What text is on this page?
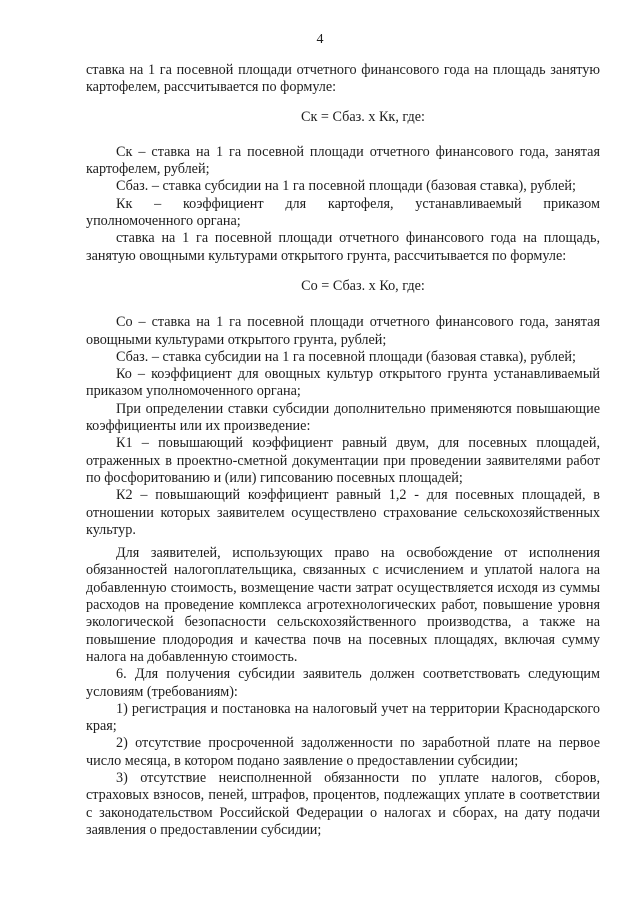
4

ставка на 1 га посевной площади отчетного финансового года на площадь занятую картофелем, рассчитывается по формуле:

Ск = Сбаз. х Кк, где:

Ск – ставка на 1 га посевной площади отчетного финансового года, занятая картофелем, рублей;

Сбаз. – ставка субсидии на 1 га посевной площади (базовая ставка), рублей;

Кк – коэффициент для картофеля, устанавливаемый приказом уполномоченного органа;

ставка на 1 га посевной площади отчетного финансового года на площадь, занятую овощными культурами открытого грунта, рассчитывается по формуле:

Со = Сбаз. х Ко, где:

Со – ставка на 1 га посевной площади отчетного финансового года, занятая овощными культурами открытого грунта, рублей;

Сбаз. – ставка субсидии на 1 га посевной площади (базовая ставка), рублей;

Ко – коэффициент для овощных культур открытого грунта устанавливаемый приказом уполномоченного органа;

При определении ставки субсидии дополнительно применяются повышающие коэффициенты или их произведение:

К1 – повышающий коэффициент равный двум, для посевных площадей, отраженных в проектно-сметной документации при проведении заявителями работ по фосфоритованию и (или) гипсованию посевных площадей;

К2 – повышающий коэффициент равный 1,2 - для посевных площадей, в отношении которых заявителем осуществлено страхование сельскохозяйственных культур.

Для заявителей, использующих право на освобождение от исполнения обязанностей налогоплательщика, связанных с исчислением и уплатой налога на добавленную стоимость, возмещение части затрат осуществляется исходя из суммы расходов на проведение комплекса агротехнологических работ, повышение уровня экологической безопасности сельскохозяйственного производства, а также на повышение плодородия и качества почв на посевных площадях, включая сумму налога на добавленную стоимость.

6. Для получения субсидии заявитель должен соответствовать следующим условиям (требованиям):

1) регистрация и постановка на налоговый учет на территории Краснодарского края;

2) отсутствие просроченной задолженности по заработной плате на первое число месяца, в котором подано заявление о предоставлении субсидии;

3) отсутствие неисполненной обязанности по уплате налогов, сборов, страховых взносов, пеней, штрафов, процентов, подлежащих уплате в соответствии с законодательством Российской Федерации о налогах и сборах, на дату подачи заявления о предоставлении субсидии;
